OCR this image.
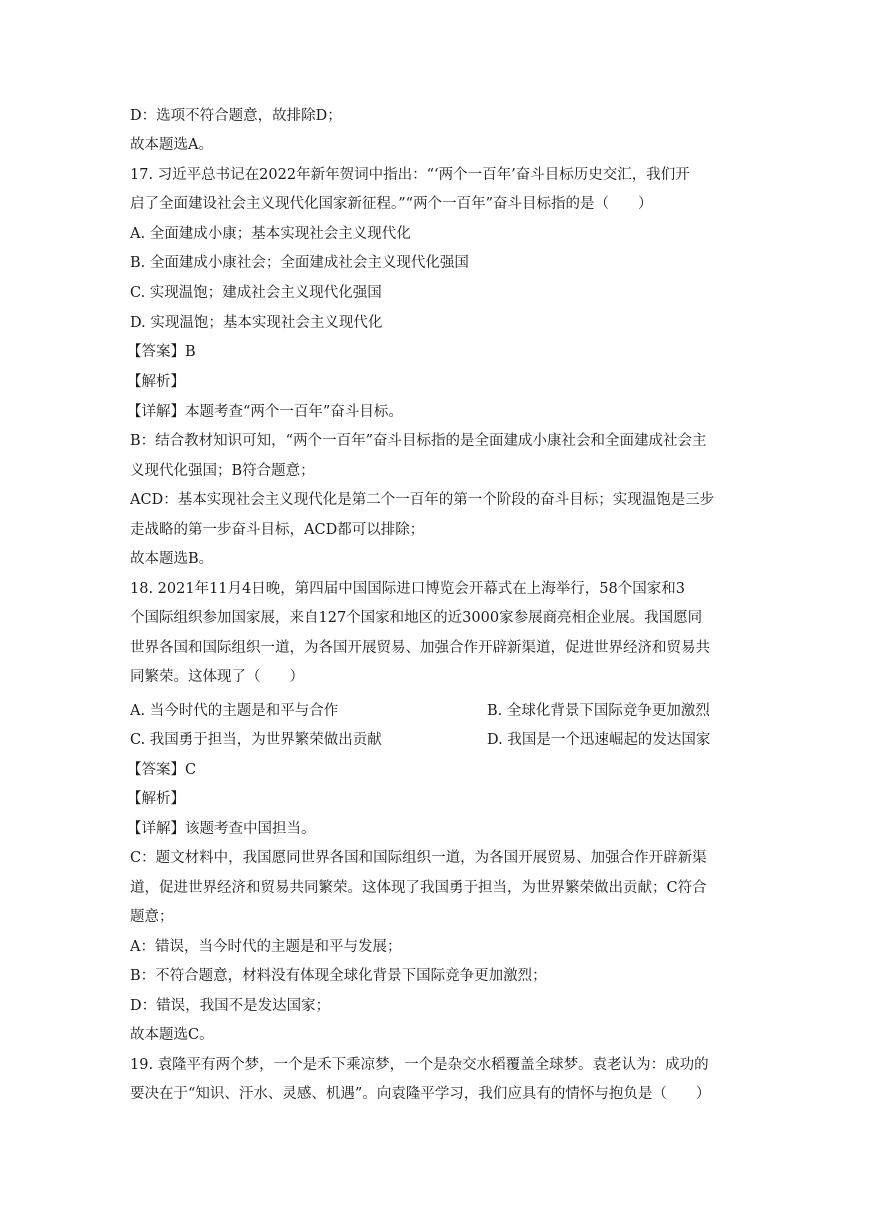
D：选项不符合题意，故排除D；
故本题选A。
17. 习近平总书记在2022年新年贺词中指出：“‘两个一百年’奋斗目标历史交汇，我们开
启了全面建设社会主义现代化国家新征程。”“两个一百年”奋斗目标指的是（　　）
A. 全面建成小康；基本实现社会主义现代化
B. 全面建成小康社会；全面建成社会主义现代化强国
C. 实现温饱；建成社会主义现代化强国
D. 实现温饱；基本实现社会主义现代化
【答案】B
【解析】
【详解】本题考查“两个一百年”奋斗目标。
B：结合教材知识可知，“两个一百年”奋斗目标指的是全面建成小康社会和全面建成社会主
义现代化强国；B符合题意；
ACD：基本实现社会主义现代化是第二个一百年的第一个阶段的奋斗目标；实现温饱是三步
走战略的第一步奋斗目标，ACD都可以排除；
故本题选B。
18. 2021年11月4日晚，第四届中国国际进口博览会开幕式在上海举行，58个国家和3
个国际组织参加国家展，来自127个国家和地区的近3000家参展商亮相企业展。我国愿同
世界各国和国际组织一道，为各国开展贸易、加强合作开辟新渠道，促进世界经济和贸易共
同繁荣。这体现了（　　）
A. 当今时代的主题是和平与合作	B. 全球化背景下国际竞争更加激烈
C. 我国勇于担当，为世界繁荣做出贡献	D. 我国是一个迅速崛起的发达国家
【答案】C
【解析】
【详解】该题考查中国担当。
C：题文材料中，我国愿同世界各国和国际组织一道，为各国开展贸易、加强合作开辟新渠
道，促进世界经济和贸易共同繁荣。这体现了我国勇于担当，为世界繁荣做出贡献；C符合
题意；
A：错误，当今时代的主题是和平与发展；
B：不符合题意，材料没有体现全球化背景下国际竞争更加激烈；
D：错误，我国不是发达国家；
故本题选C。
19. 袁隆平有两个梦，一个是禾下乘凉梦，一个是杂交水稻覆盖全球梦。袁老认为：成功的
要决在于“知识、汗水、灵感、机遇”。向袁隆平学习，我们应具有的情怀与抱负是（　　）
